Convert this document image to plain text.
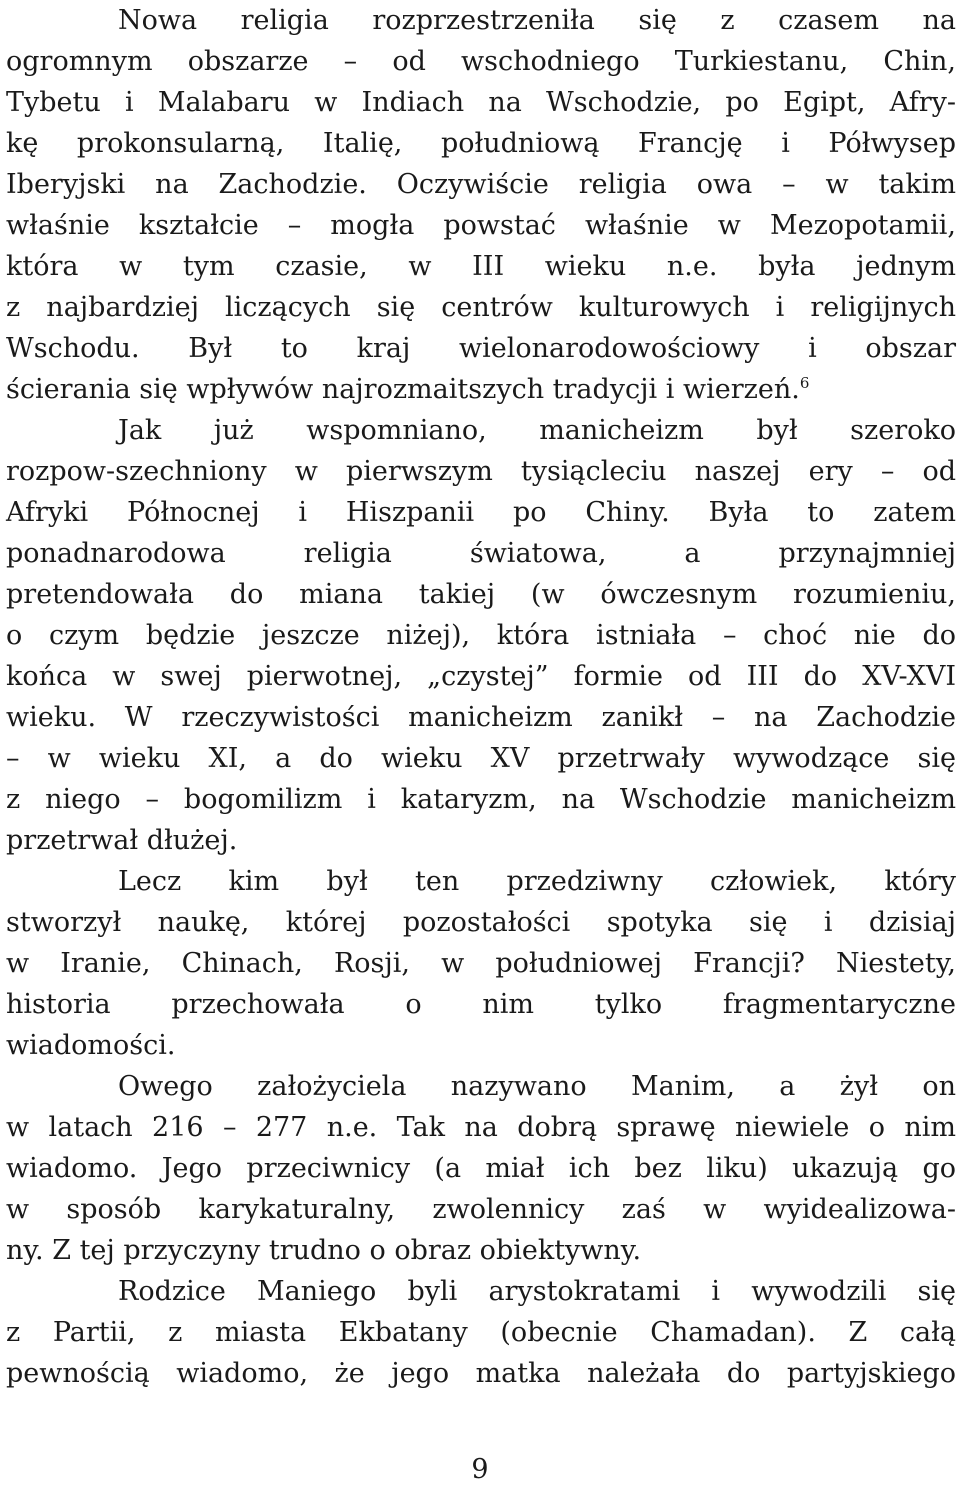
Nowa religia rozprzestrzeniła się z czasem na
ogromnym obszarze – od wschodniego Turkiestanu, Chin,
Tybetu i Malabaru w Indiach na Wschodzie, po Egipt, Afry-
kę prokonsularną, Italię, południową Francję i Półwysep
Iberyjski na Zachodzie. Oczywiście religia owa – w takim
właśnie kształcie – mogła powstać właśnie w Mezopotamii,
która w tym czasie, w III wieku n.e. była jednym
z najbardziej liczących się centrów kulturowych i religijnych
Wschodu. Był to kraj wielonarodowościowy i obszar
ścierania się wpływów najrozmaitszych tradycji i wierzeń.$^6$
Jak już wspomniano, manicheizm był szeroko
rozpow-szechniony w pierwszym tysiącleciu naszej ery – od
Afryki Północnej i Hiszpanii po Chiny. Była to zatem
ponadnarodowa religia światowa, a przynajmniej
pretendowała do miana takiej (w ówczesnym rozumieniu,
o czym będzie jeszcze niżej), która istniała – choć nie do
końca w swej pierwotnej, „czystej” formie od III do XV-XVI
wieku. W rzeczywistości manicheizm zanikł – na Zachodzie
– w wieku XI, a do wieku XV przetrwały wywodzące się
z niego – bogomilizm i kataryzm, na Wschodzie manicheizm
przetrwał dłużej.
Lecz kim był ten przedziwny człowiek, który
stworzył naukę, której pozostałości spotyka się i dzisiaj
w Iranie, Chinach, Rosji, w południowej Francji? Niestety,
historia przechowała o nim tylko fragmentaryczne
wiadomości.
Owego założyciela nazywano Manim, a żył on
w latach 216 – 277 n.e. Tak na dobrą sprawę niewiele o nim
wiadomo. Jego przeciwnicy (a miał ich bez liku) ukazują go
w sposób karykaturalny, zwolennicy zaś w wyidealizowa-
ny. Z tej przyczyny trudno o obraz obiektywny.
Rodzice Maniego byli arystokratami i wywodzili się
z Partii, z miasta Ekbatany (obecnie Chamadan). Z całą
pewnością wiadomo, że jego matka należała do partyjskiego
9
